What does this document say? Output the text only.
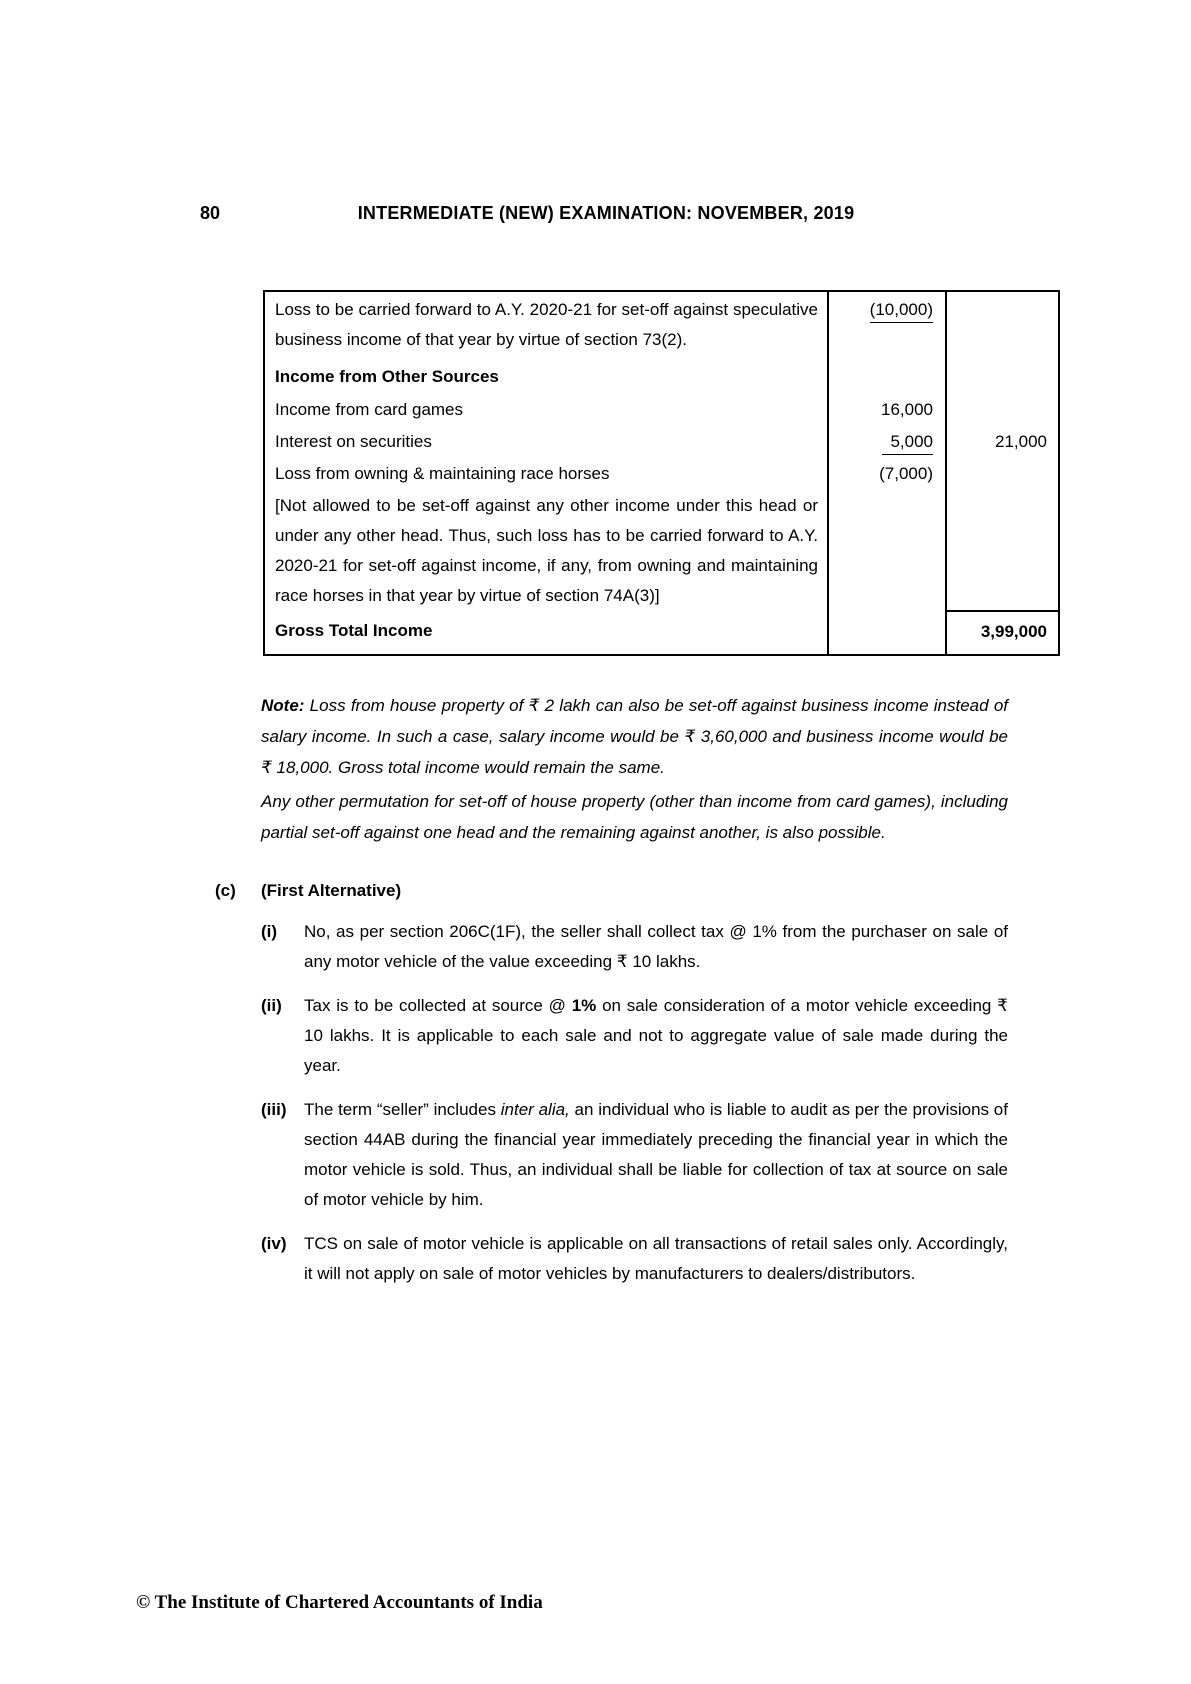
80	INTERMEDIATE (NEW) EXAMINATION: NOVEMBER, 2019
Loss to be carried forward to A.Y. 2020-21 for set-off against speculative business income of that year by virtue of section 73(2).	(10,000)	
Income from Other Sources		
Income from card games	16,000	
Interest on securities	5,000	21,000
Loss from owning & maintaining race horses	(7,000)	
[Not allowed to be set-off against any other income under this head or under any other head. Thus, such loss has to be carried forward to A.Y. 2020-21 for set-off against income, if any, from owning and maintaining race horses in that year by virtue of section 74A(3)]		
Gross Total Income		3,99,000

Note: Loss from house property of ₹ 2 lakh can also be set-off against business income instead of salary income. In such a case, salary income would be ₹ 3,60,000 and business income would be ₹ 18,000. Gross total income would remain the same.

Any other permutation for set-off of house property (other than income from card games), including partial set-off against one head and the remaining against another, is also possible.

(c) (First Alternative)
(i) No, as per section 206C(1F), the seller shall collect tax @ 1% from the purchaser on sale of any motor vehicle of the value exceeding ₹ 10 lakhs.
(ii) Tax is to be collected at source @ 1% on sale consideration of a motor vehicle exceeding ₹ 10 lakhs. It is applicable to each sale and not to aggregate value of sale made during the year.
(iii) The term “seller” includes inter alia, an individual who is liable to audit as per the provisions of section 44AB during the financial year immediately preceding the financial year in which the motor vehicle is sold. Thus, an individual shall be liable for collection of tax at source on sale of motor vehicle by him.
(iv) TCS on sale of motor vehicle is applicable on all transactions of retail sales only. Accordingly, it will not apply on sale of motor vehicles by manufacturers to dealers/distributors.
© The Institute of Chartered Accountants of India
